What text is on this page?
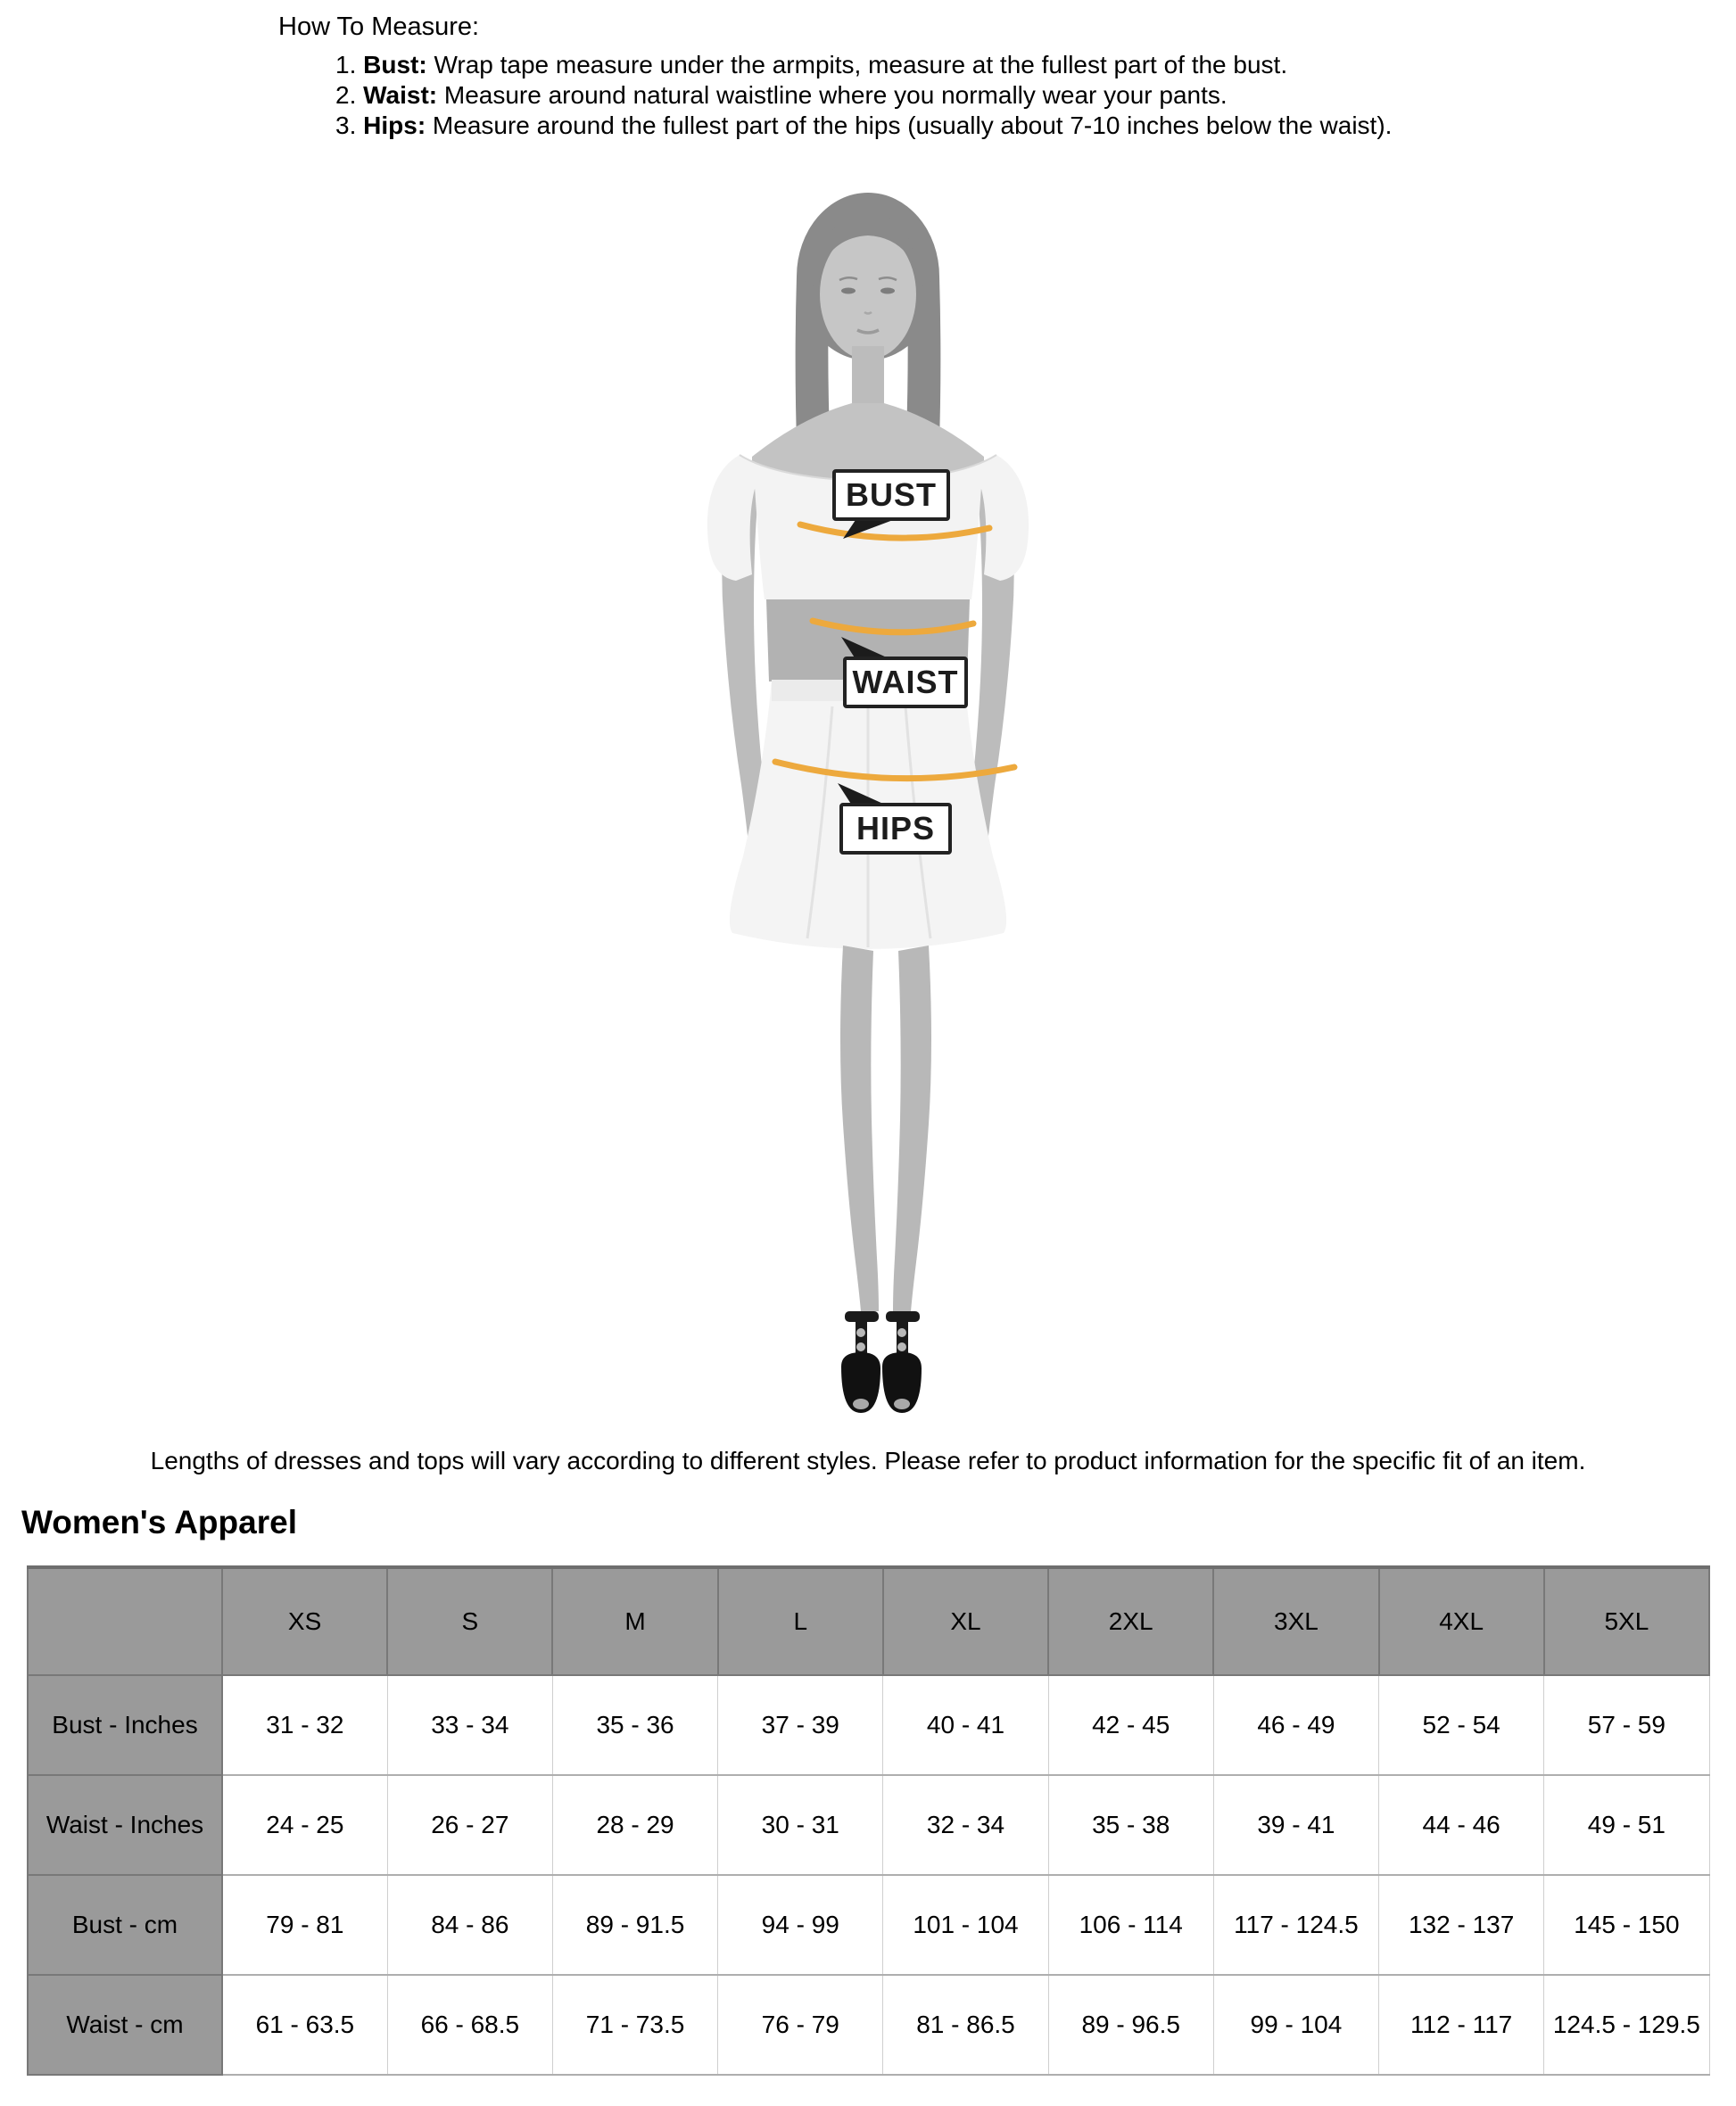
How To Measure:
1. Bust: Wrap tape measure under the armpits, measure at the fullest part of the bust.
2. Waist: Measure around natural waistline where you normally wear your pants.
3. Hips: Measure around the fullest part of the hips (usually about 7-10 inches below the waist).
BUST
WAIST
HIPS
Lengths of dresses and tops will vary according to different styles. Please refer to product information for the specific fit of an item.
Women's Apparel
	XS	S	M	L	XL	2XL	3XL	4XL	5XL
Bust - Inches	31 - 32	33 - 34	35 - 36	37 - 39	40 - 41	42 - 45	46 - 49	52 - 54	57 - 59
Waist - Inches	24 - 25	26 - 27	28 - 29	30 - 31	32 - 34	35 - 38	39 - 41	44 - 46	49 - 51
Bust - cm	79 - 81	84 - 86	89 - 91.5	94 - 99	101 - 104	106 - 114	117 - 124.5	132 - 137	145 - 150
Waist - cm	61 - 63.5	66 - 68.5	71 - 73.5	76 - 79	81 - 86.5	89 - 96.5	99 - 104	112 - 117	124.5 - 129.5
